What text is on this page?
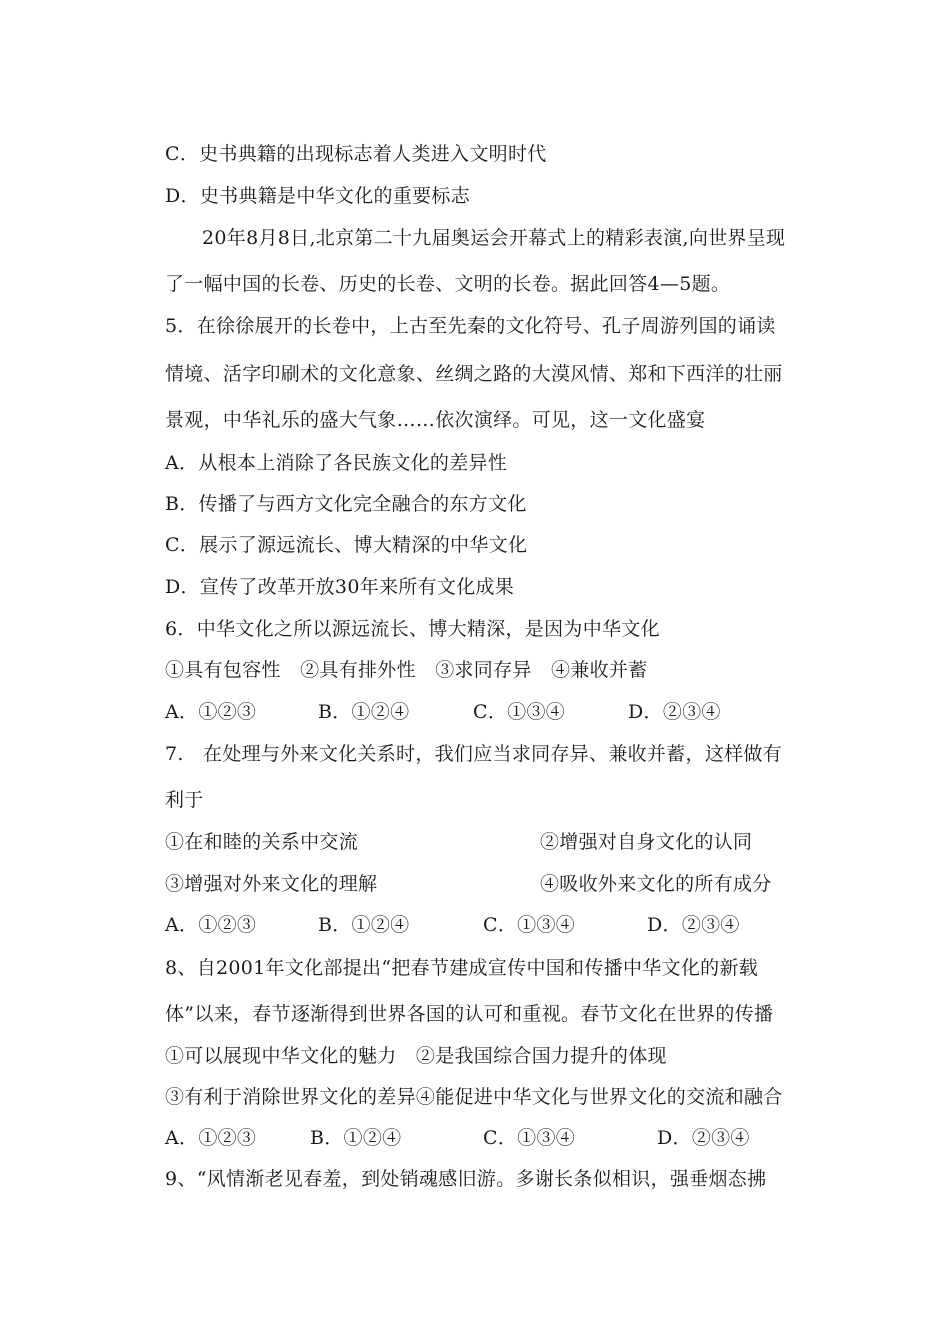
C．史书典籍的出现标志着人类进入文明时代
D．史书典籍是中华文化的重要标志
20年8月8日,北京第二十九届奥运会开幕式上的精彩表演,向世界呈现
了一幅中国的长卷、历史的长卷、文明的长卷。据此回答4—5题。
5．在徐徐展开的长卷中，上古至先秦的文化符号、孔子周游列国的诵读
情境、活字印刷术的文化意象、丝绸之路的大漠风情、郑和下西洋的壮丽
景观，中华礼乐的盛大气象……依次演绎。可见，这一文化盛宴
A．从根本上消除了各民族文化的差异性
B．传播了与西方文化完全融合的东方文化
C．展示了源远流长、博大精深的中华文化
D．宣传了改革开放30年来所有文化成果
6．中华文化之所以源远流长、博大精深，是因为中华文化
①具有包容性　②具有排外性　③求同存异　④兼收并蓄
A．①②③	B．①②④	C．①③④	D．②③④
7.　在处理与外来文化关系时，我们应当求同存异、兼收并蓄，这样做有
利于
①在和睦的关系中交流	②增强对自身文化的认同
③增强对外来文化的理解	④吸收外来文化的所有成分
A．①②③	B．①②④	C．①③④	D．②③④
8、自2001年文化部提出“把春节建成宣传中国和传播中华文化的新载
体”以来，春节逐渐得到世界各国的认可和重视。春节文化在世界的传播
①可以展现中华文化的魅力　②是我国综合国力提升的体现
③有利于消除世界文化的差异④能促进中华文化与世界文化的交流和融合
A．①②③	B．①②④	C．①③④	D．②③④
9、“风情渐老见春羞，到处销魂感旧游。多谢长条似相识，强垂烟态拂
